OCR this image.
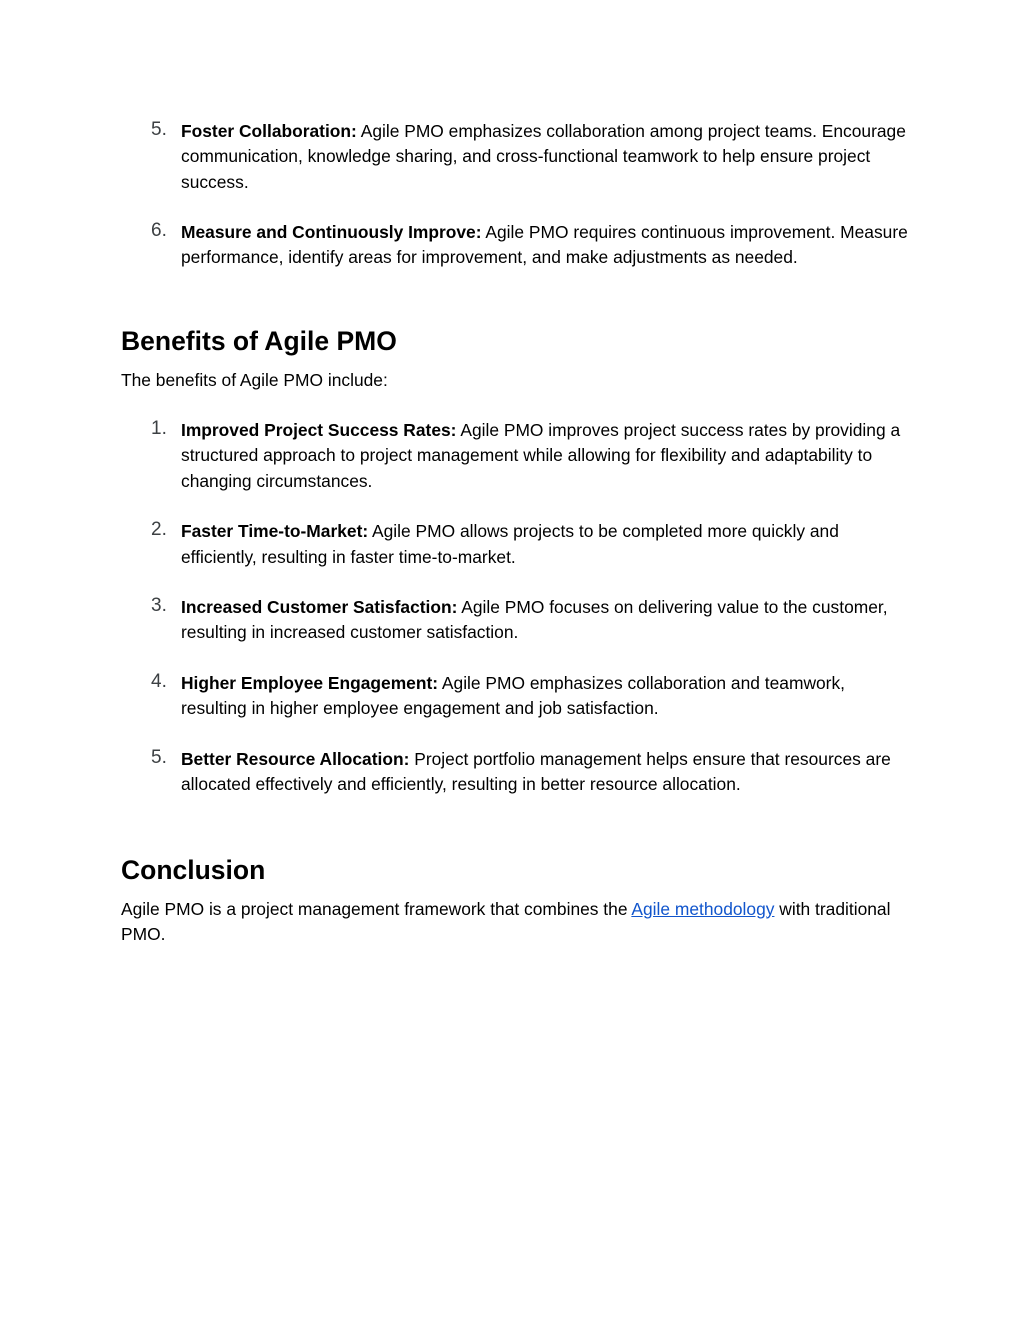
5. Foster Collaboration: Agile PMO emphasizes collaboration among project teams. Encourage communication, knowledge sharing, and cross-functional teamwork to help ensure project success.
6. Measure and Continuously Improve: Agile PMO requires continuous improvement. Measure performance, identify areas for improvement, and make adjustments as needed.
Benefits of Agile PMO

The benefits of Agile PMO include:

1. Improved Project Success Rates: Agile PMO improves project success rates by providing a structured approach to project management while allowing for flexibility and adaptability to changing circumstances.
2. Faster Time-to-Market: Agile PMO allows projects to be completed more quickly and efficiently, resulting in faster time-to-market.
3. Increased Customer Satisfaction: Agile PMO focuses on delivering value to the customer, resulting in increased customer satisfaction.
4. Higher Employee Engagement: Agile PMO emphasizes collaboration and teamwork, resulting in higher employee engagement and job satisfaction.
5. Better Resource Allocation: Project portfolio management helps ensure that resources are allocated effectively and efficiently, resulting in better resource allocation.
Conclusion

Agile PMO is a project management framework that combines the Agile methodology with traditional PMO.
